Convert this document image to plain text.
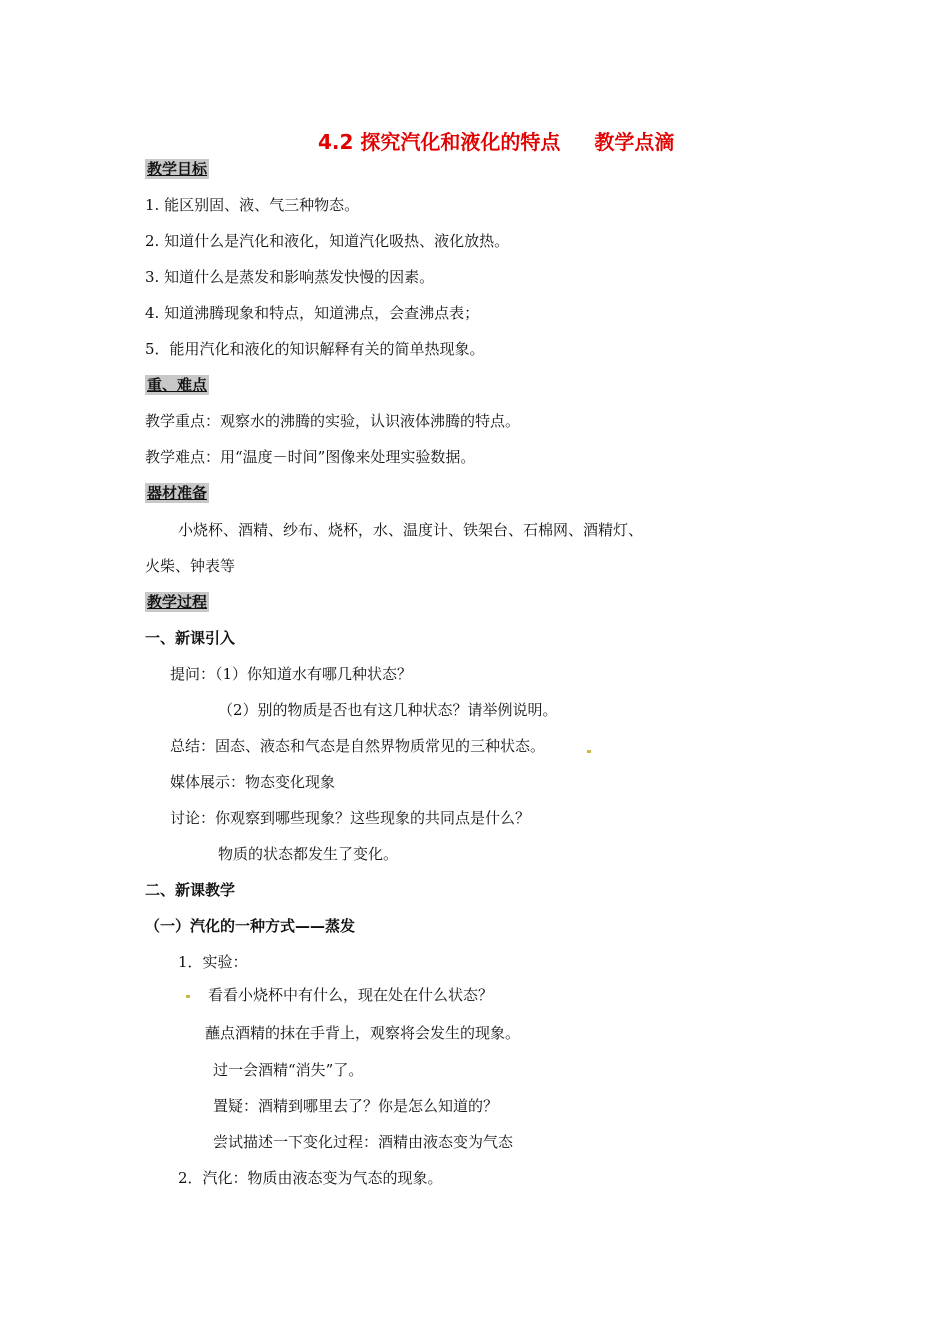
4.2 探究汽化和液化的特点 教学点滴
教学目标
1. 能区别固、液、气三种物态。
2. 知道什么是汽化和液化，知道汽化吸热、液化放热。
3. 知道什么是蒸发和影响蒸发快慢的因素。
4. 知道沸腾现象和特点，知道沸点，会查沸点表；
5．能用汽化和液化的知识解释有关的简单热现象。
重、难点
教学重点：观察水的沸腾的实验，认识液体沸腾的特点。
教学难点：用“温度－时间”图像来处理实验数据。
器材准备
小烧杯、酒精、纱布、烧杯，水、温度计、铁架台、石棉网、酒精灯、
火柴、钟表等
教学过程
一、新课引入
提问：（1）你知道水有哪几种状态？
（2）别的物质是否也有这几种状态？请举例说明。
总结：固态、液态和气态是自然界物质常见的三种状态。
媒体展示：物态变化现象
讨论：你观察到哪些现象？这些现象的共同点是什么？
物质的状态都发生了变化。
二、新课教学
（一）汽化的一种方式——蒸发
1．实验：
看看小烧杯中有什么，现在处在什么状态？
蘸点酒精的抹在手背上，观察将会发生的现象。
过一会酒精“消失”了。
置疑：酒精到哪里去了？你是怎么知道的？
尝试描述一下变化过程：酒精由液态变为气态
2．汽化：物质由液态变为气态的现象。
